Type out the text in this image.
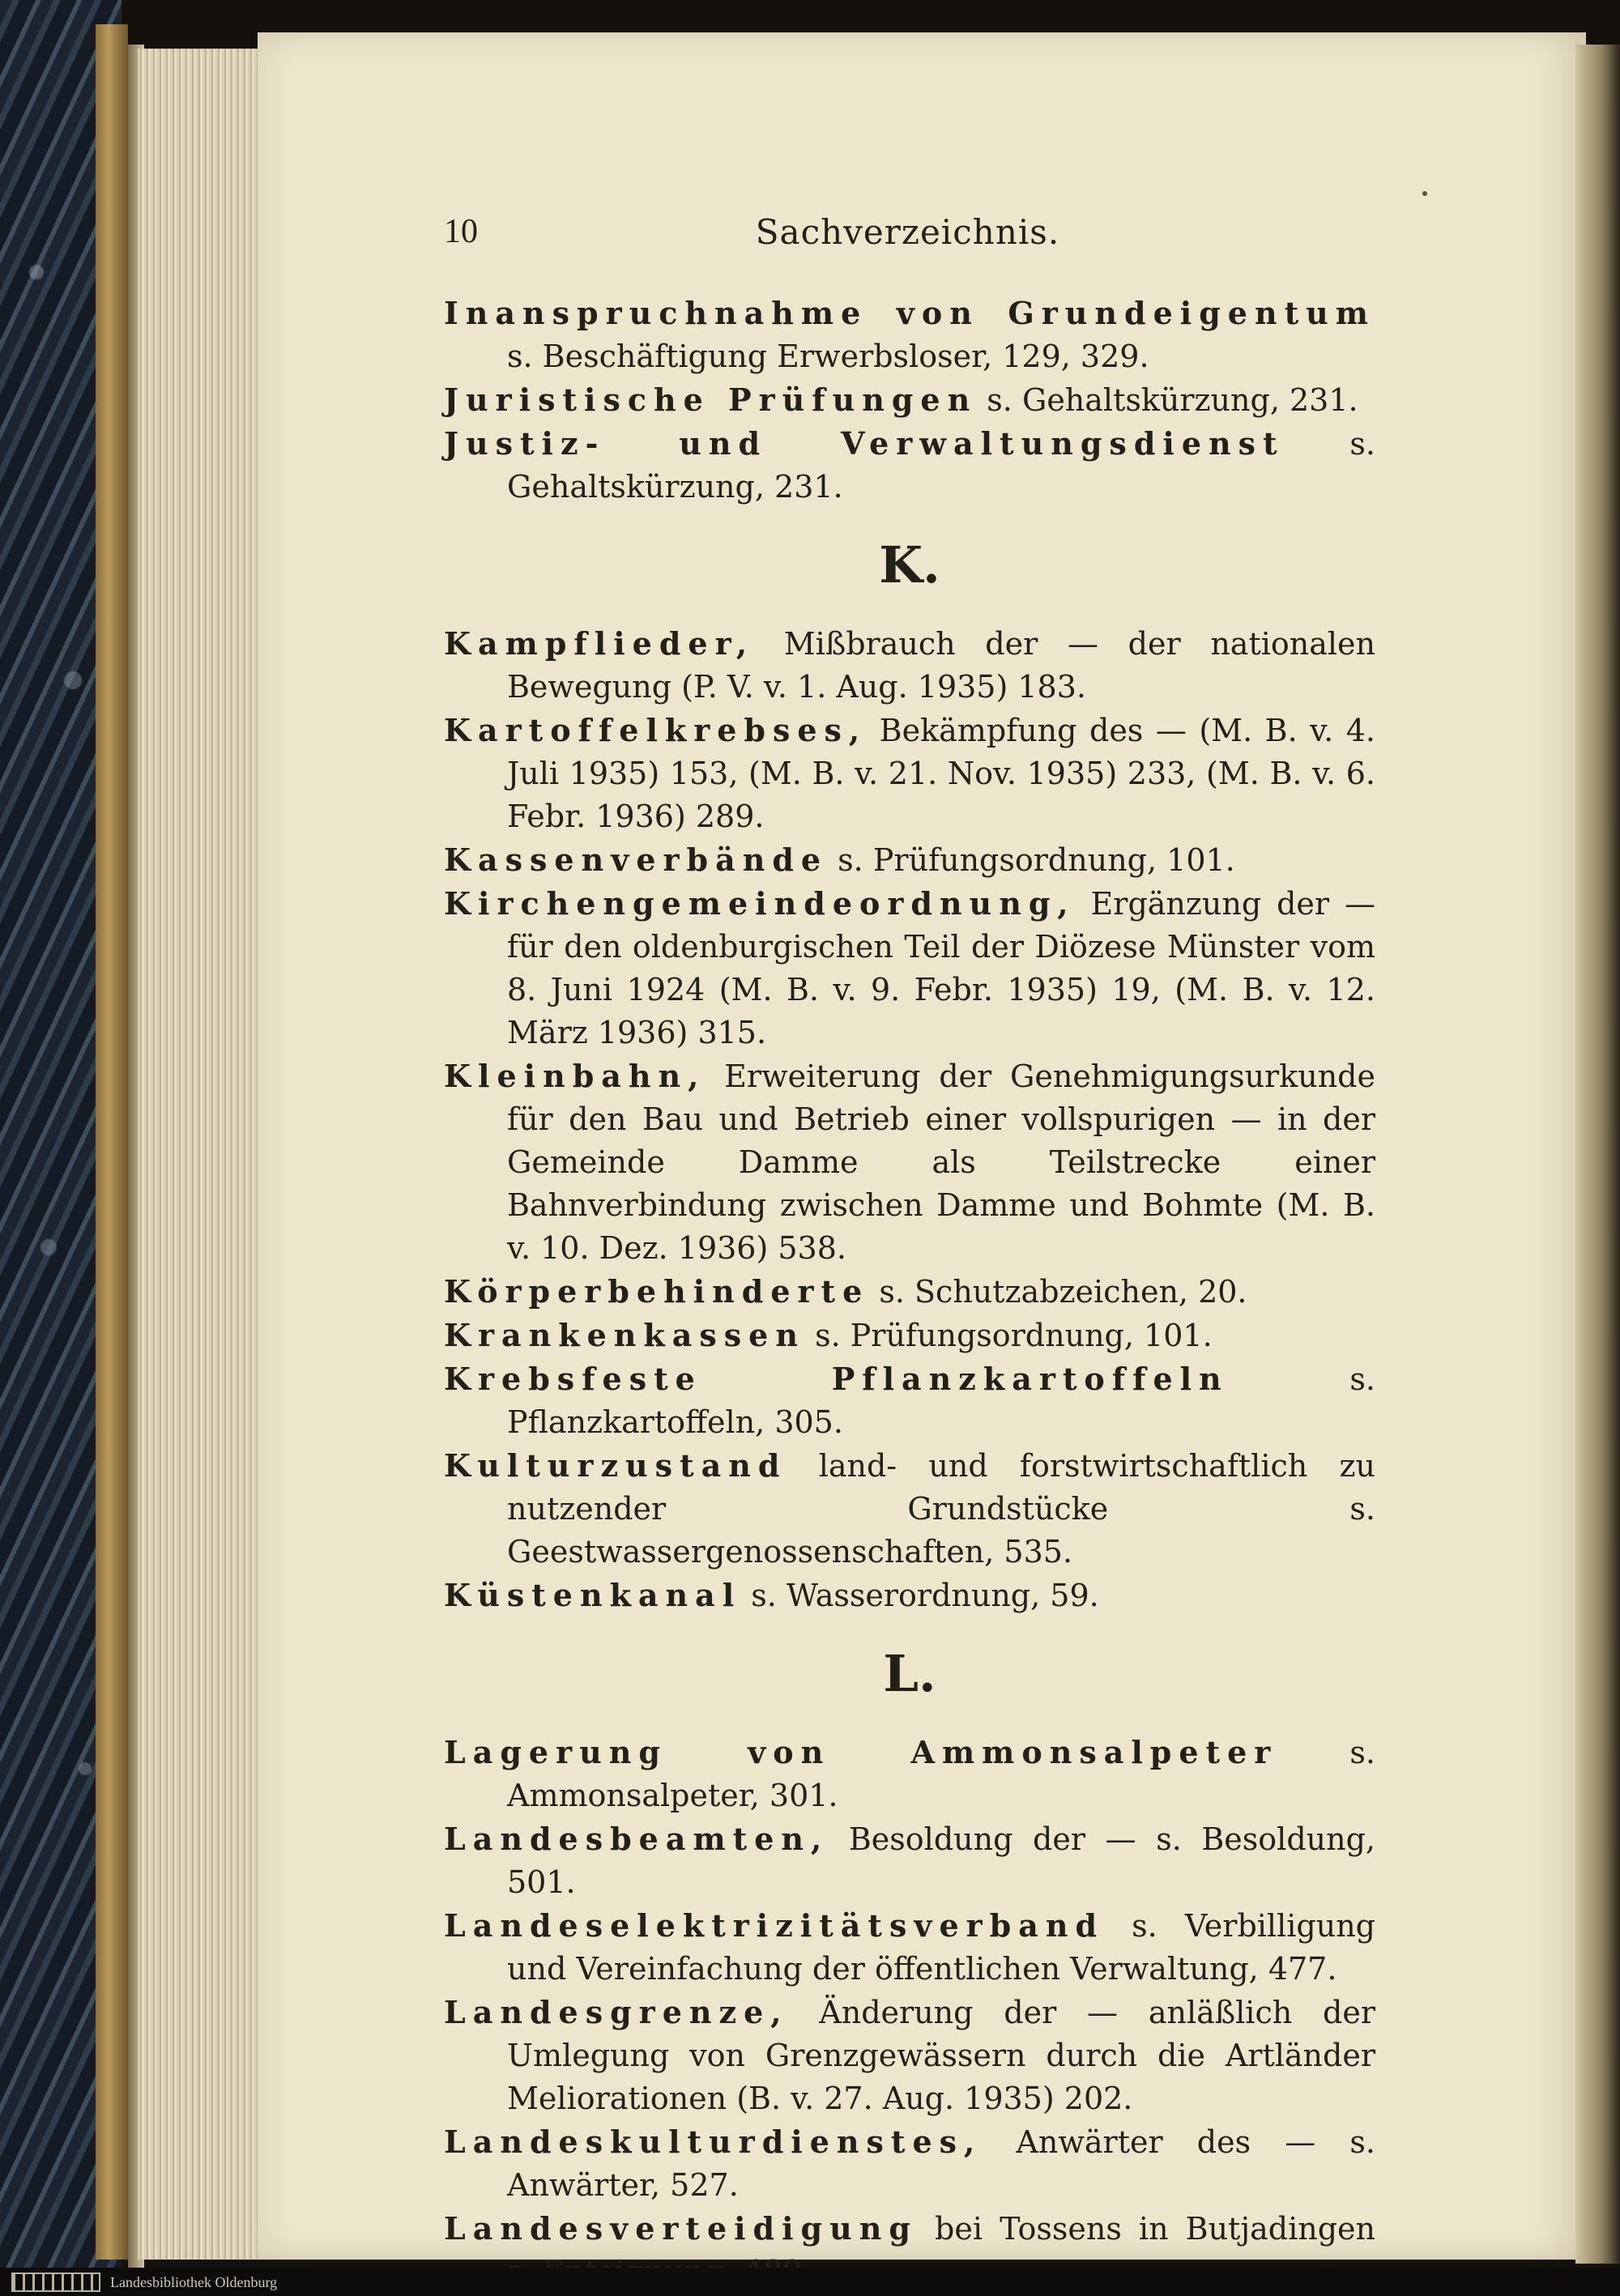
10	Sachverzeichnis.
Inanspruchnahme von Grundeigentum s. Beschäftigung Erwerbsloser, 129, 329.
Juristische Prüfungen s. Gehaltskürzung, 231.
Justiz- und Verwaltungsdienst s. Gehaltskürzung, 231.
K.
Kampflieder, Mißbrauch der — der nationalen Bewegung (P. V. v. 1. Aug. 1935) 183.
Kartoffelkrebses, Bekämpfung des — (M. B. v. 4. Juli 1935) 153, (M. B. v. 21. Nov. 1935) 233, (M. B. v. 6. Febr. 1936) 289.
Kassenverbände s. Prüfungsordnung, 101.
Kirchengemeindeordnung, Ergänzung der — für den oldenburgischen Teil der Diözese Münster vom 8. Juni 1924 (M. B. v. 9. Febr. 1935) 19, (M. B. v. 12. März 1936) 315.
Kleinbahn, Erweiterung der Genehmigungsurkunde für den Bau und Betrieb einer vollspurigen — in der Gemeinde Damme als Teilstrecke einer Bahnverbindung zwischen Damme und Bohmte (M. B. v. 10. Dez. 1936) 538.
Körperbehinderte s. Schutzabzeichen, 20.
Krankenkassen s. Prüfungsordnung, 101.
Krebsfeste Pflanzkartoffeln s. Pflanzkartoffeln, 305.
Kulturzustand land- und forstwirtschaftlich zu nutzender Grundstücke s. Geestwassergenossenschaften, 535.
Küstenkanal s. Wasserordnung, 59.
L.
Lagerung von Ammonsalpeter s. Ammonsalpeter, 301.
Landesbeamten, Besoldung der — s. Besoldung, 501.
Landeselektrizitätsverband s. Verbilligung und Vereinfachung der öffentlichen Verwaltung, 477.
Landesgrenze, Änderung der — anläßlich der Umlegung von Grenzgewässern durch die Artländer Meliorationen (B. v. 27. Aug. 1935) 202.
Landeskulturdienstes, Anwärter des — s. Anwärter, 527.
Landesverteidigung bei Tossens in Butjadingen
Landesbibliothek Oldenburg
